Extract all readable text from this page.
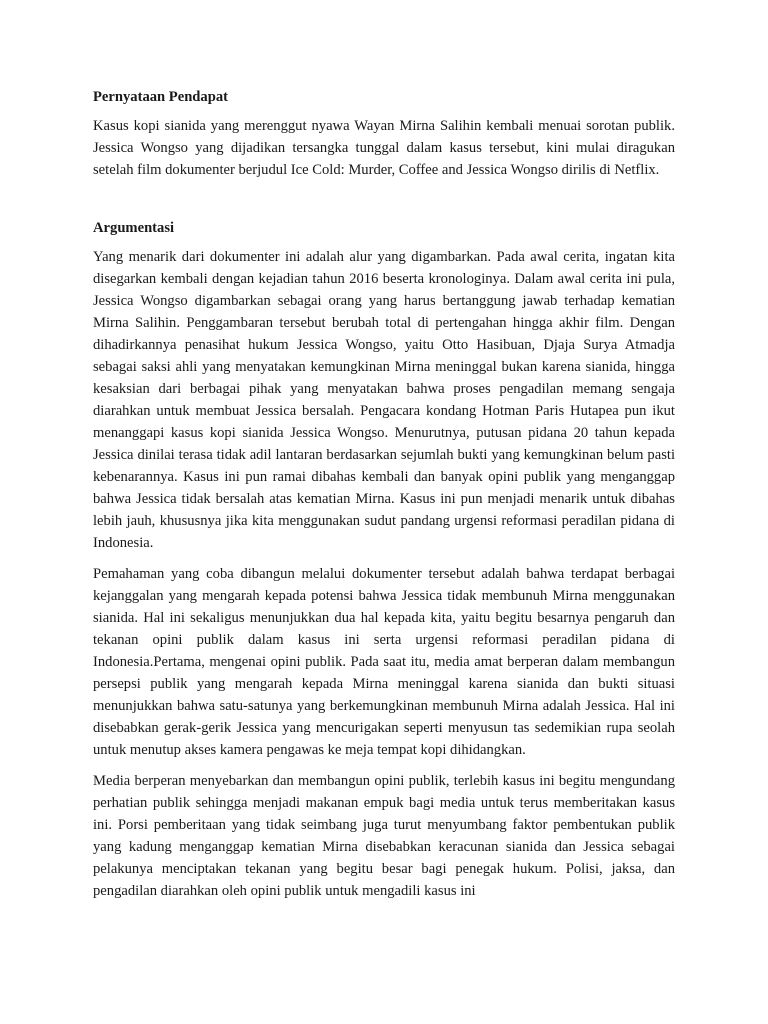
Pernyataan Pendapat

Kasus kopi sianida yang merenggut nyawa Wayan Mirna Salihin kembali menuai sorotan publik. Jessica Wongso yang dijadikan tersangka tunggal dalam kasus tersebut, kini mulai diragukan setelah film dokumenter berjudul Ice Cold: Murder, Coffee and Jessica Wongso dirilis di Netflix.

Argumentasi

Yang menarik dari dokumenter ini adalah alur yang digambarkan. Pada awal cerita, ingatan kita disegarkan kembali dengan kejadian tahun 2016 beserta kronologinya. Dalam awal cerita ini pula, Jessica Wongso digambarkan sebagai orang yang harus bertanggung jawab terhadap kematian Mirna Salihin. Penggambaran tersebut berubah total di pertengahan hingga akhir film. Dengan dihadirkannya penasihat hukum Jessica Wongso, yaitu Otto Hasibuan, Djaja Surya Atmadja sebagai saksi ahli yang menyatakan kemungkinan Mirna meninggal bukan karena sianida, hingga kesaksian dari berbagai pihak yang menyatakan bahwa proses pengadilan memang sengaja diarahkan untuk membuat Jessica bersalah. Pengacara kondang Hotman Paris Hutapea pun ikut menanggapi kasus kopi sianida Jessica Wongso. Menurutnya, putusan pidana 20 tahun kepada Jessica dinilai terasa tidak adil lantaran berdasarkan sejumlah bukti yang kemungkinan belum pasti kebenarannya. Kasus ini pun ramai dibahas kembali dan banyak opini publik yang menganggap bahwa Jessica tidak bersalah atas kematian Mirna. Kasus ini pun menjadi menarik untuk dibahas lebih jauh, khususnya jika kita menggunakan sudut pandang urgensi reformasi peradilan pidana di Indonesia.

Pemahaman yang coba dibangun melalui dokumenter tersebut adalah bahwa terdapat berbagai kejanggalan yang mengarah kepada potensi bahwa Jessica tidak membunuh Mirna menggunakan sianida. Hal ini sekaligus menunjukkan dua hal kepada kita, yaitu begitu besarnya pengaruh dan tekanan opini publik dalam kasus ini serta urgensi reformasi peradilan pidana di Indonesia.Pertama, mengenai opini publik. Pada saat itu, media amat berperan dalam membangun persepsi publik yang mengarah kepada Mirna meninggal karena sianida dan bukti situasi menunjukkan bahwa satu-satunya yang berkemungkinan membunuh Mirna adalah Jessica. Hal ini disebabkan gerak-gerik Jessica yang mencurigakan seperti menyusun tas sedemikian rupa seolah untuk menutup akses kamera pengawas ke meja tempat kopi dihidangkan.

Media berperan menyebarkan dan membangun opini publik, terlebih kasus ini begitu mengundang perhatian publik sehingga menjadi makanan empuk bagi media untuk terus memberitakan kasus ini. Porsi pemberitaan yang tidak seimbang juga turut menyumbang faktor pembentukan publik yang kadung menganggap kematian Mirna disebabkan keracunan sianida dan Jessica sebagai pelakunya menciptakan tekanan yang begitu besar bagi penegak hukum. Polisi, jaksa, dan pengadilan diarahkan oleh opini publik untuk mengadili kasus ini
